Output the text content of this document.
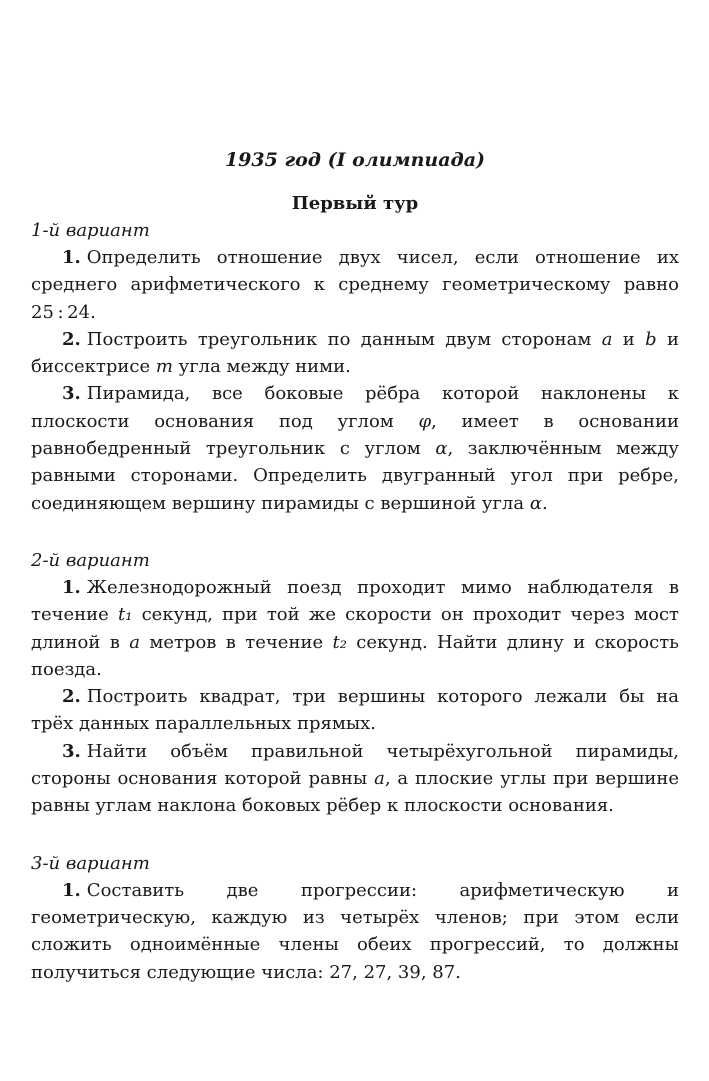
1935 год (I олимпиада)

Первый тур

1-й вариант

1. Определить отношение двух чисел, если отношение их среднего арифметического к среднему геометрическому равно 25 : 24.

2. Построить треугольник по данным двум сторонам a и b и биссектрисе m угла между ними.

3. Пирамида, все боковые рёбра которой наклонены к плоскости основания под углом φ, имеет в основании равнобедренный треугольник с углом α, заключённым между равными сторонами. Определить двугранный угол при ребре, соединяющем вершину пирамиды с вершиной угла α.

2-й вариант

1. Железнодорожный поезд проходит мимо наблюдателя в течение t₁ секунд, при той же скорости он проходит через мост длиной в a метров в течение t₂ секунд. Найти длину и скорость поезда.

2. Построить квадрат, три вершины которого лежали бы на трёх данных параллельных прямых.

3. Найти объём правильной четырёхугольной пирамиды, стороны основания которой равны a, а плоские углы при вершине равны углам наклона боковых рёбер к плоскости основания.

3-й вариант

1. Составить две прогрессии: арифметическую и геометрическую, каждую из четырёх членов; при этом если сложить одноимённые члены обеих прогрессий, то должны получиться следующие числа: 27, 27, 39, 87.
